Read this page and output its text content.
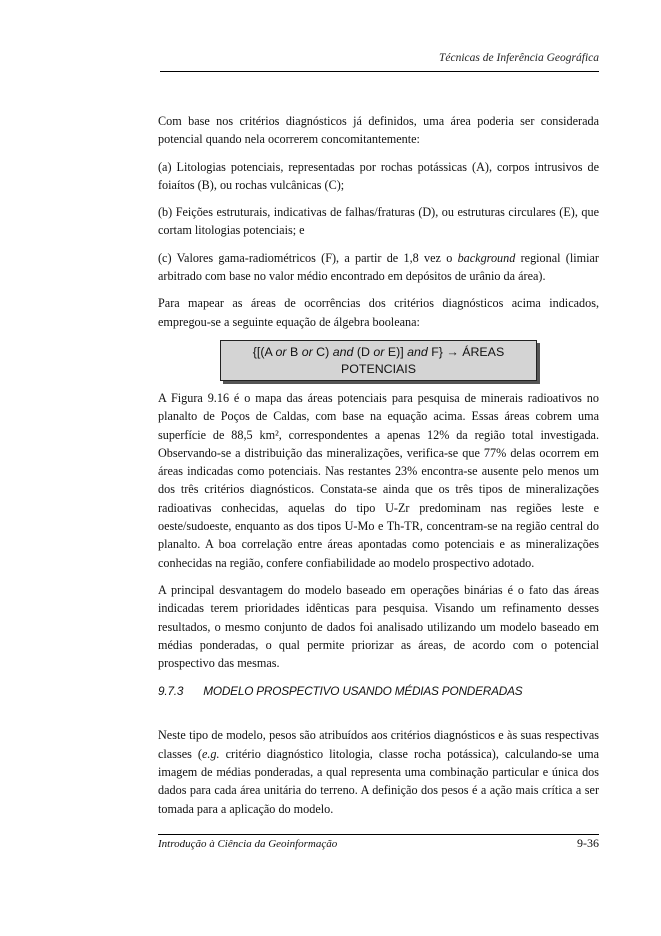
Técnicas de Inferência Geográfica

Com base nos critérios diagnósticos já definidos, uma área poderia ser considerada potencial quando nela ocorrerem concomitantemente:

(a) Litologias potenciais, representadas por rochas potássicas (A), corpos intrusivos de foiaítos (B), ou rochas vulcânicas (C);

(b) Feições estruturais, indicativas de falhas/fraturas (D), ou estruturas circulares (E), que cortam litologias potenciais; e

(c) Valores gama-radiométricos (F), a partir de 1,8 vez o background regional (limiar arbitrado com base no valor médio encontrado em depósitos de urânio da área).

Para mapear as áreas de ocorrências dos critérios diagnósticos acima indicados, empregou-se a seguinte equação de álgebra booleana:

{[(A or B or C) and (D or E)] and F} → ÁREAS POTENCIAIS

A Figura 9.16 é o mapa das áreas potenciais para pesquisa de minerais radioativos no planalto de Poços de Caldas, com base na equação acima. Essas áreas cobrem uma superfície de 88,5 km², correspondentes a apenas 12% da região total investigada. Observando-se a distribuição das mineralizações, verifica-se que 77% delas ocorrem em áreas indicadas como potenciais. Nas restantes 23% encontra-se ausente pelo menos um dos três critérios diagnósticos. Constata-se ainda que os três tipos de mineralizações radioativas conhecidas, aquelas do tipo U-Zr predominam nas regiões leste e oeste/sudoeste, enquanto as dos tipos U-Mo e Th-TR, concentram-se na região central do planalto. A boa correlação entre áreas apontadas como potenciais e as mineralizações conhecidas na região, confere confiabilidade ao modelo prospectivo adotado.

A principal desvantagem do modelo baseado em operações binárias é o fato das áreas indicadas terem prioridades idênticas para pesquisa. Visando um refinamento desses resultados, o mesmo conjunto de dados foi analisado utilizando um modelo baseado em médias ponderadas, o qual permite priorizar as áreas, de acordo com o potencial prospectivo das mesmas.

9.7.3 MODELO PROSPECTIVO USANDO MÉDIAS PONDERADAS

Neste tipo de modelo, pesos são atribuídos aos critérios diagnósticos e às suas respectivas classes (e.g. critério diagnóstico litologia, classe rocha potássica), calculando-se uma imagem de médias ponderadas, a qual representa uma combinação particular e única dos dados para cada área unitária do terreno. A definição dos pesos é a ação mais crítica a ser tomada para a aplicação do modelo.

Introdução à Ciência da Geoinformação	9-36
